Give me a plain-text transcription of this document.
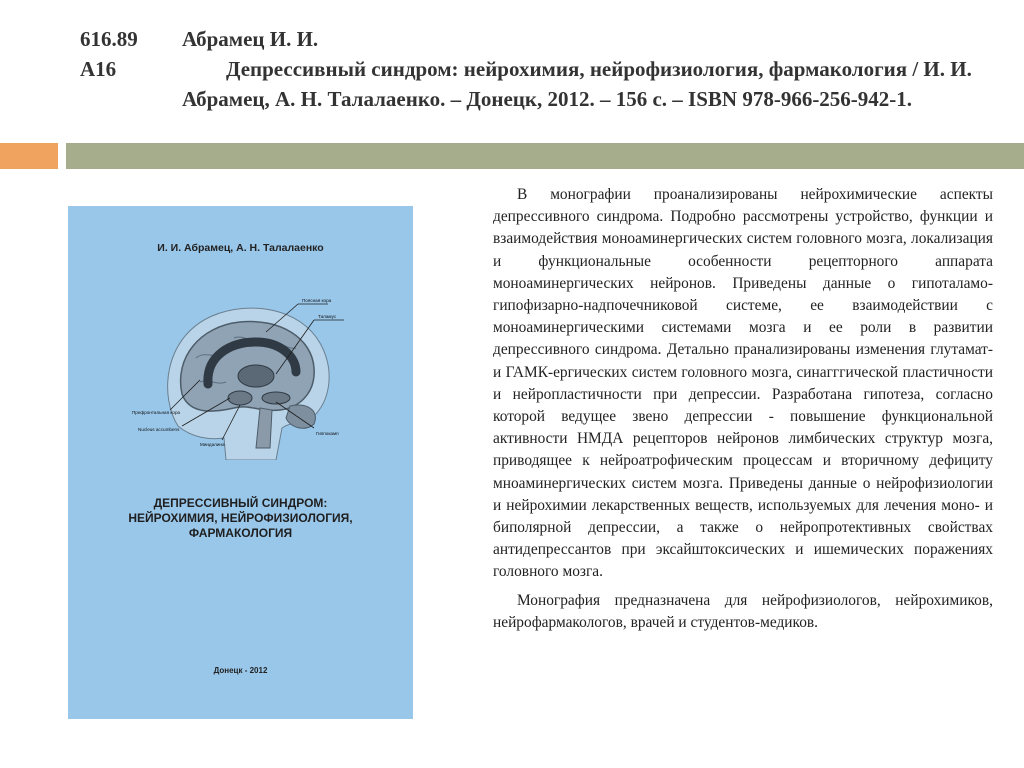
616.89
А16
Абрамец И. И.
Депрессивный синдром: нейрохимия, нейрофизиология, фармакология / И. И. Абрамец, А. Н. Талалаенко. – Донецк, 2012. – 156 с. – ISBN 978-966-256-942-1.
И. И. Абрамец, А. Н. Талалаенко
Поясная кора
Таламус
Префронтальная кора
Nucleus accumbens
Миндалина
Гиппокамп
ДЕПРЕССИВНЫЙ СИНДРОМ:
НЕЙРОХИМИЯ, НЕЙРОФИЗИОЛОГИЯ,
ФАРМАКОЛОГИЯ
Донецк - 2012

В монографии проанализированы нейрохимические аспекты депрессивного синдрома. Подробно рассмотрены устройство, функции и взаимодействия моноаминергических систем головного мозга, локализация и функциональные особенности рецепторного аппарата моноаминергических нейронов. Приведены данные о гипоталамо-гипофизарно-надпочечниковой системе, ее взаимодействии с моноаминергическими системами мозга и ее роли в развитии депрессивного синдрома. Детально пранализированы изменения глутамат- и ГАМК-ергических систем головного мозга, синагггической пластичности и нейропластичности при депрессии. Разработана гипотеза, согласно которой ведущее звено депрессии - повышение функциональной активности НМДА рецепторов нейронов лимбических структур мозга, приводящее к нейроатрофическим процессам и вторичному дефициту мноаминергических систем мозга. Приведены данные о нейрофизиологии и нейрохимии лекарственных веществ, используемых для лечения моно- и биполярной депрессии, а также о нейропротективных свойствах антидепрессантов при эксайштоксических и ишемических поражениях головного мозга.

Монография предназначена для нейрофизиологов, нейрохимиков, нейрофармакологов, врачей и студентов-медиков.
